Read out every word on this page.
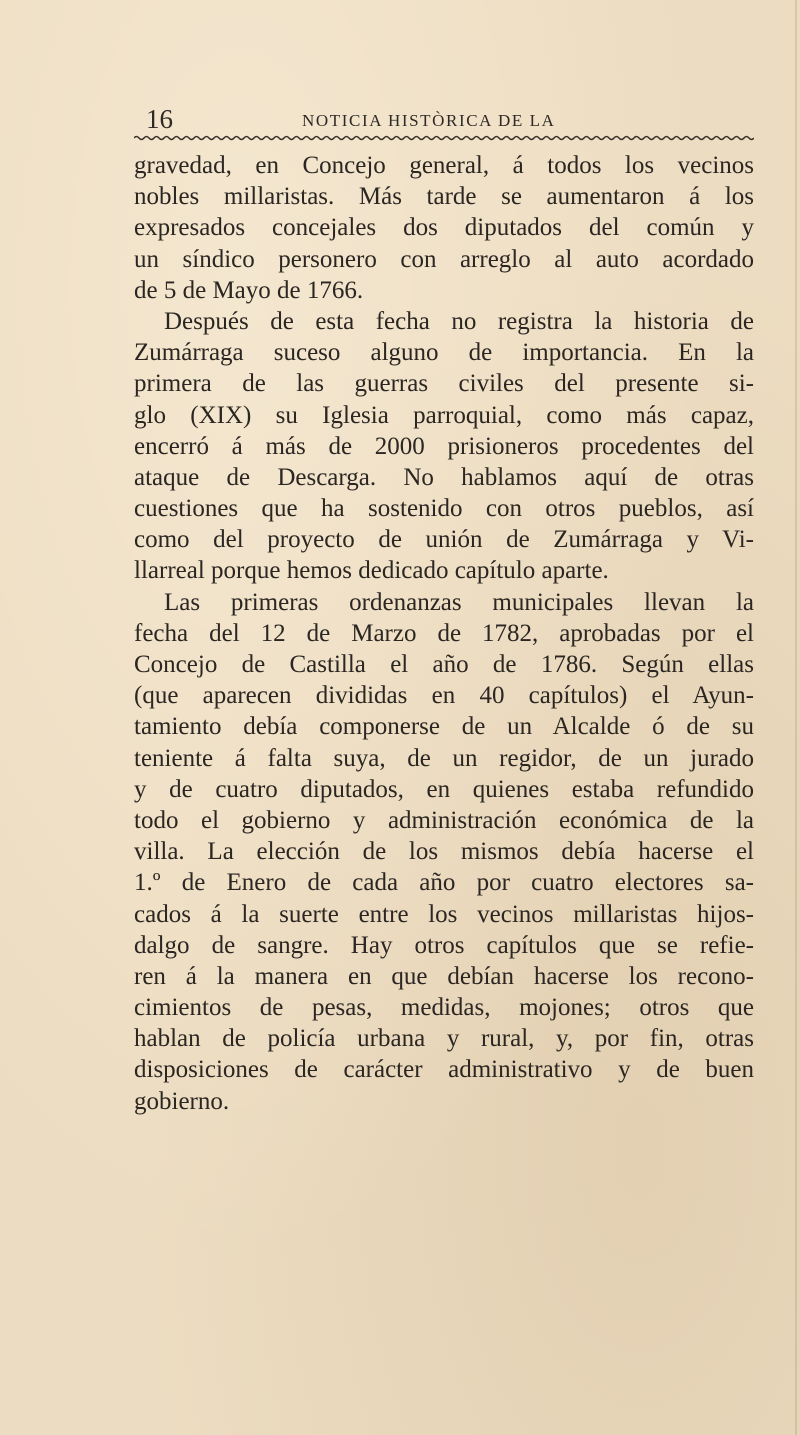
16	NOTICIA HISTÒRICA DE LA
gravedad, en Concejo general, á todos los vecinos
nobles millaristas. Más tarde se aumentaron á los
expresados concejales dos diputados del común y
un síndico personero con arreglo al auto acordado
de 5 de Mayo de 1766.
Después de esta fecha no registra la historia de
Zumárraga suceso alguno de importancia. En la
primera de las guerras civiles del presente si-
glo (XIX) su Iglesia parroquial, como más capaz,
encerró á más de 2000 prisioneros procedentes del
ataque de Descarga. No hablamos aquí de otras
cuestiones que ha sostenido con otros pueblos, así
como del proyecto de unión de Zumárraga y Vi-
llarreal porque hemos dedicado capítulo aparte.
Las primeras ordenanzas municipales llevan la
fecha del 12 de Marzo de 1782, aprobadas por el
Concejo de Castilla el año de 1786. Según ellas
(que aparecen divididas en 40 capítulos) el Ayun-
tamiento debía componerse de un Alcalde ó de su
teniente á falta suya, de un regidor, de un jurado
y de cuatro diputados, en quienes estaba refundido
todo el gobierno y administración económica de la
villa. La elección de los mismos debía hacerse el
1.º de Enero de cada año por cuatro electores sa-
cados á la suerte entre los vecinos millaristas hijos-
dalgo de sangre. Hay otros capítulos que se refie-
ren á la manera en que debían hacerse los recono-
cimientos de pesas, medidas, mojones; otros que
hablan de policía urbana y rural, y, por fin, otras
disposiciones de carácter administrativo y de buen
gobierno.
